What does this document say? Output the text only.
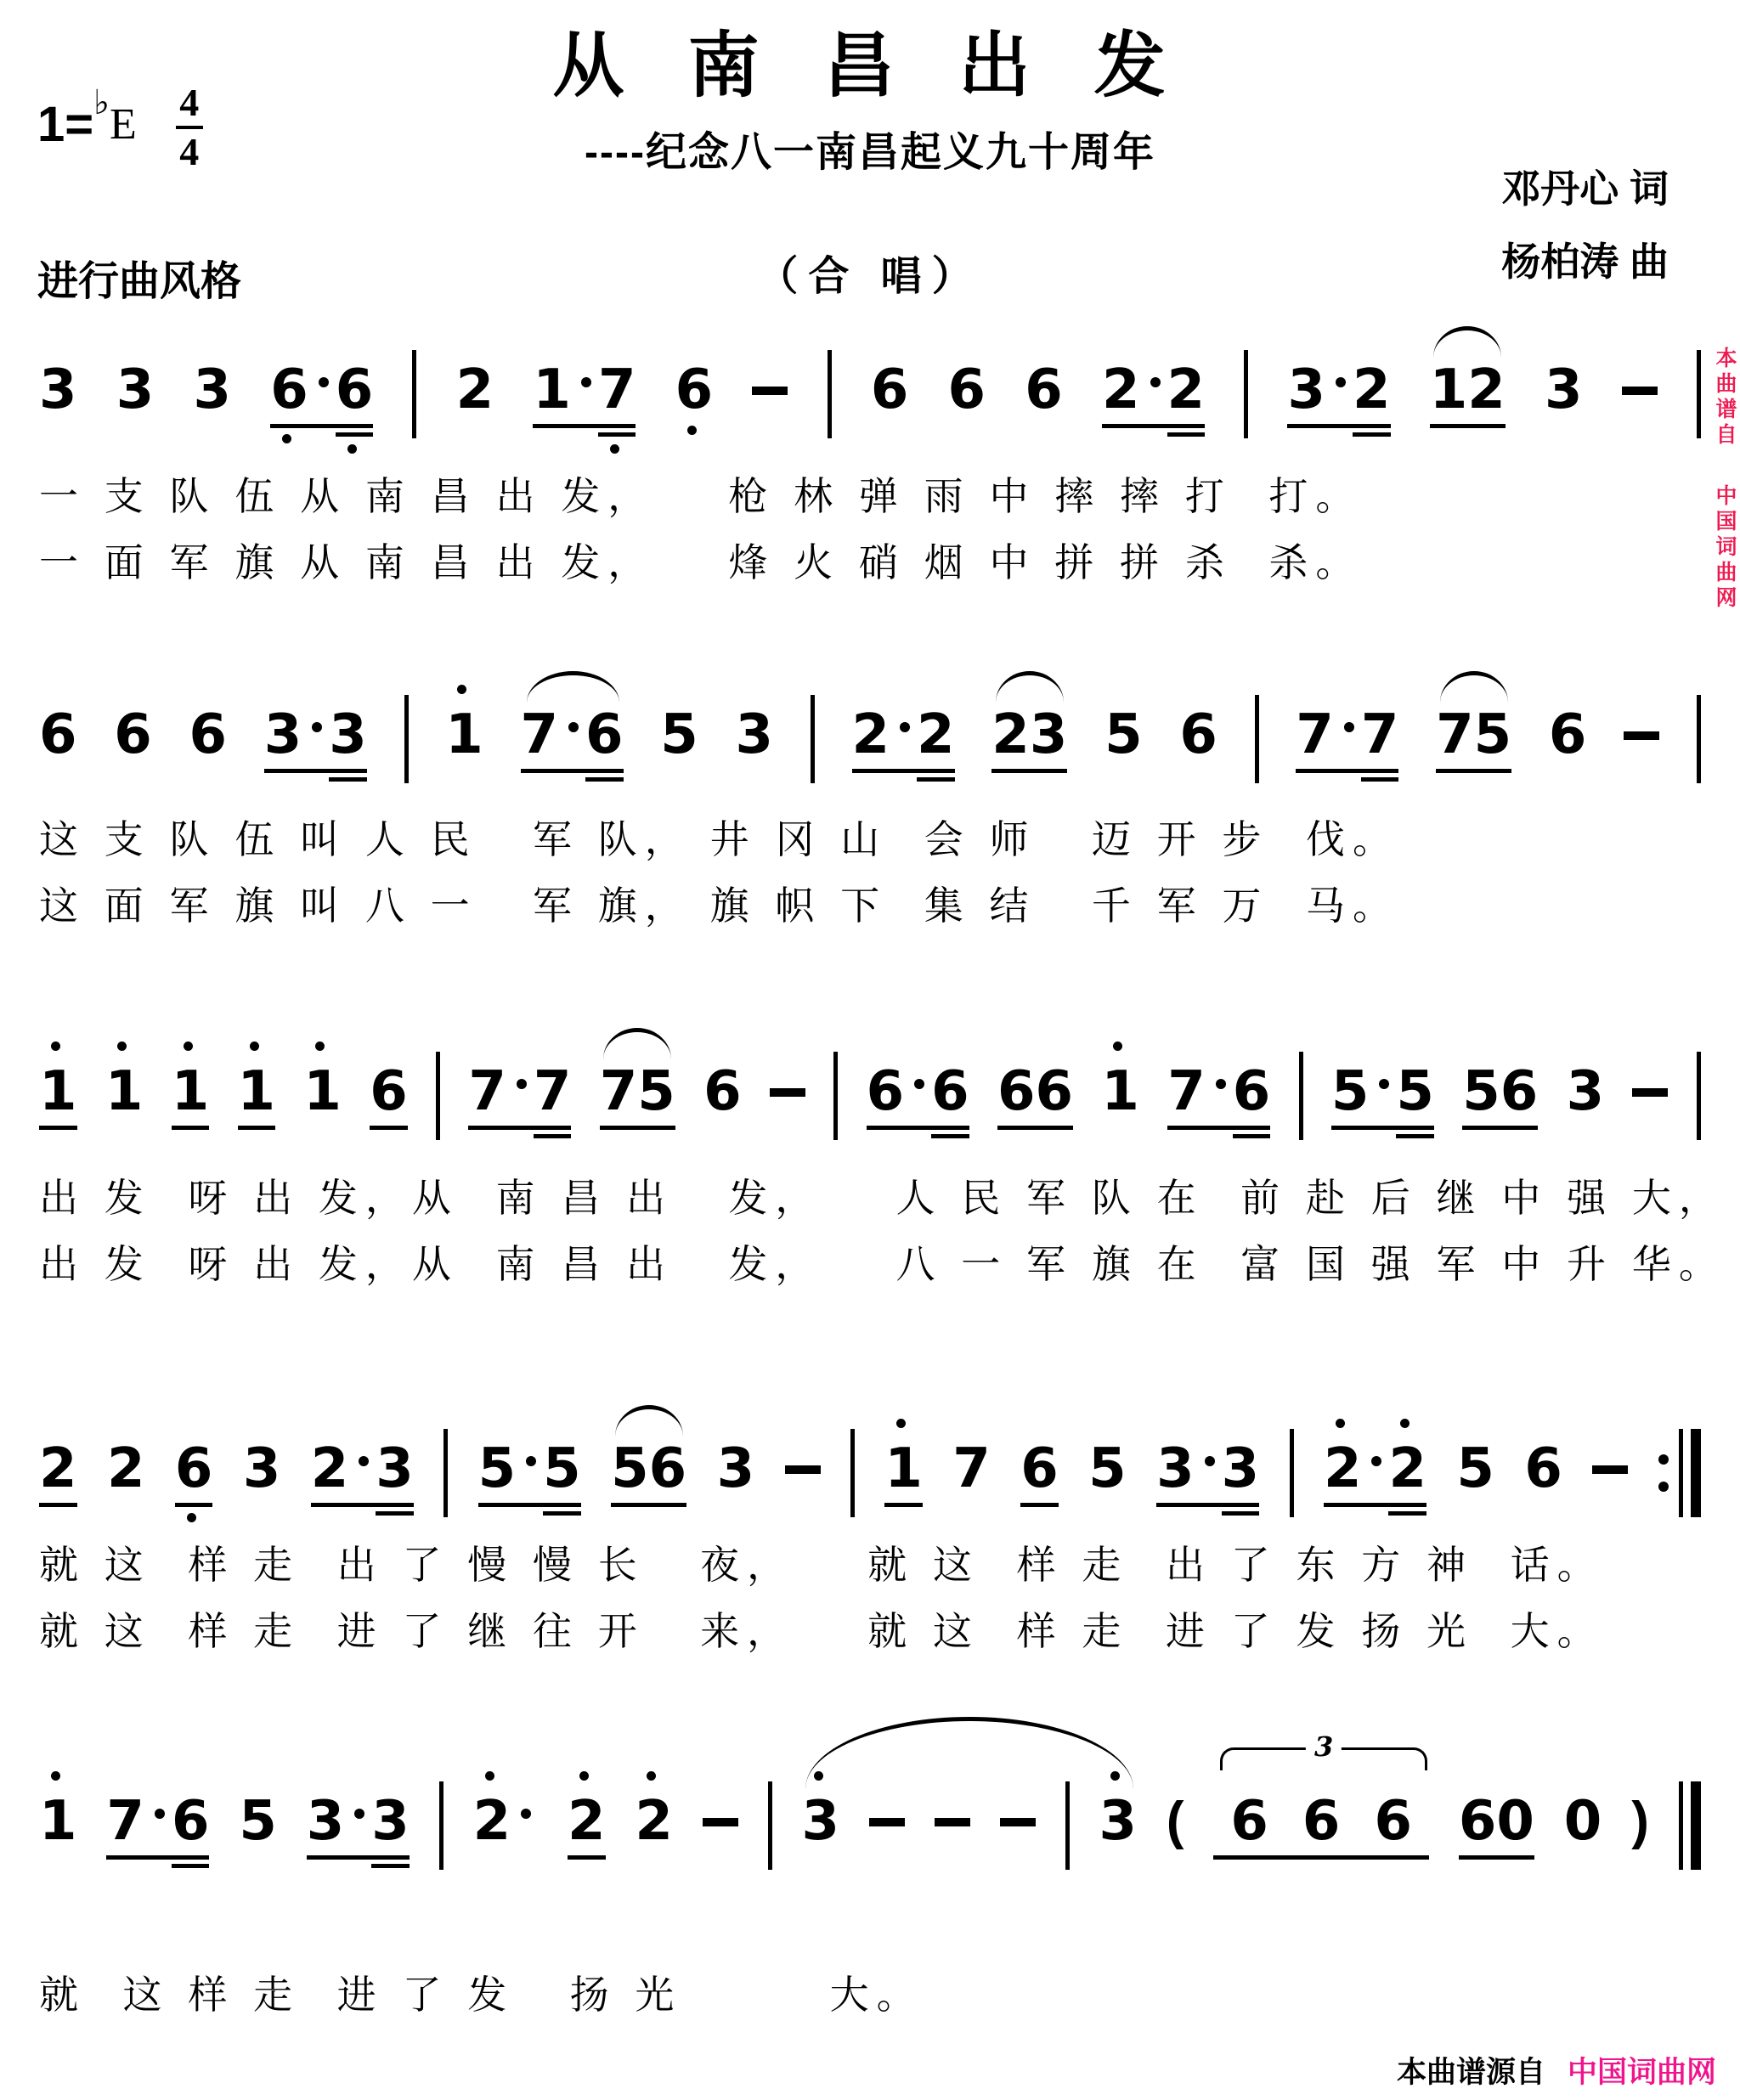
从 南 昌 出 发
1= ♭ E 4
4	----纪念八一南昌起义九十周年
邓丹心 词
杨柏涛 曲
进行曲风格	（合 唱）
3 3 3 6 6 2 1 7 6	6 6 6 2 2 3 2 1 2 3
一 支 队 伍 从 南 昌 出 发，    枪 林 弹 雨 中 摔 摔 打  打。
一 面 军 旗 从 南 昌 出 发，    烽 火 硝 烟 中 拼 拼 杀  杀。
6 6 6 3 3 1 7 6 5 3 2 2 2 3 5 6 7 7 7 5 6
这 支 队 伍 叫 人 民   军 队， 井 冈 山  会 师   迈 开 步  伐。
这 面 军 旗 叫 八 一   军 旗， 旗 帜 下  集 结   千 军 万  马。
1 1 1 1 1 6 7 7 7 5 6 6 6 6 6 1 7 6 5 5 5 6 3
出 发  呀 出 发，从  南 昌 出   发，    人 民 军 队 在  前 赴 后 继 中 强 大，
出 发  呀 出 发，从  南 昌 出   发，    八 一 军 旗 在  富 国 强 军 中 升 华。
2 2 6 3 2 3 5 5 5 6 3 1 7 6 5 3 3 2 2 5 6
就 这  样 走  出 了 慢 慢 长   夜，    就 这  样 走  出 了 东 方 神  话。
就 这  样 走  进 了 继 往 开   来，    就 这  样 走  进 了 发 扬 光  大。
1 7 6 5 3 3 2	2 2 3	3 ( 6 6 6 6 0 0 )
就  这 样 走  进 了 发   扬 光        大。
本曲谱源自 中国词曲网
本曲谱自 中国词曲网
3
